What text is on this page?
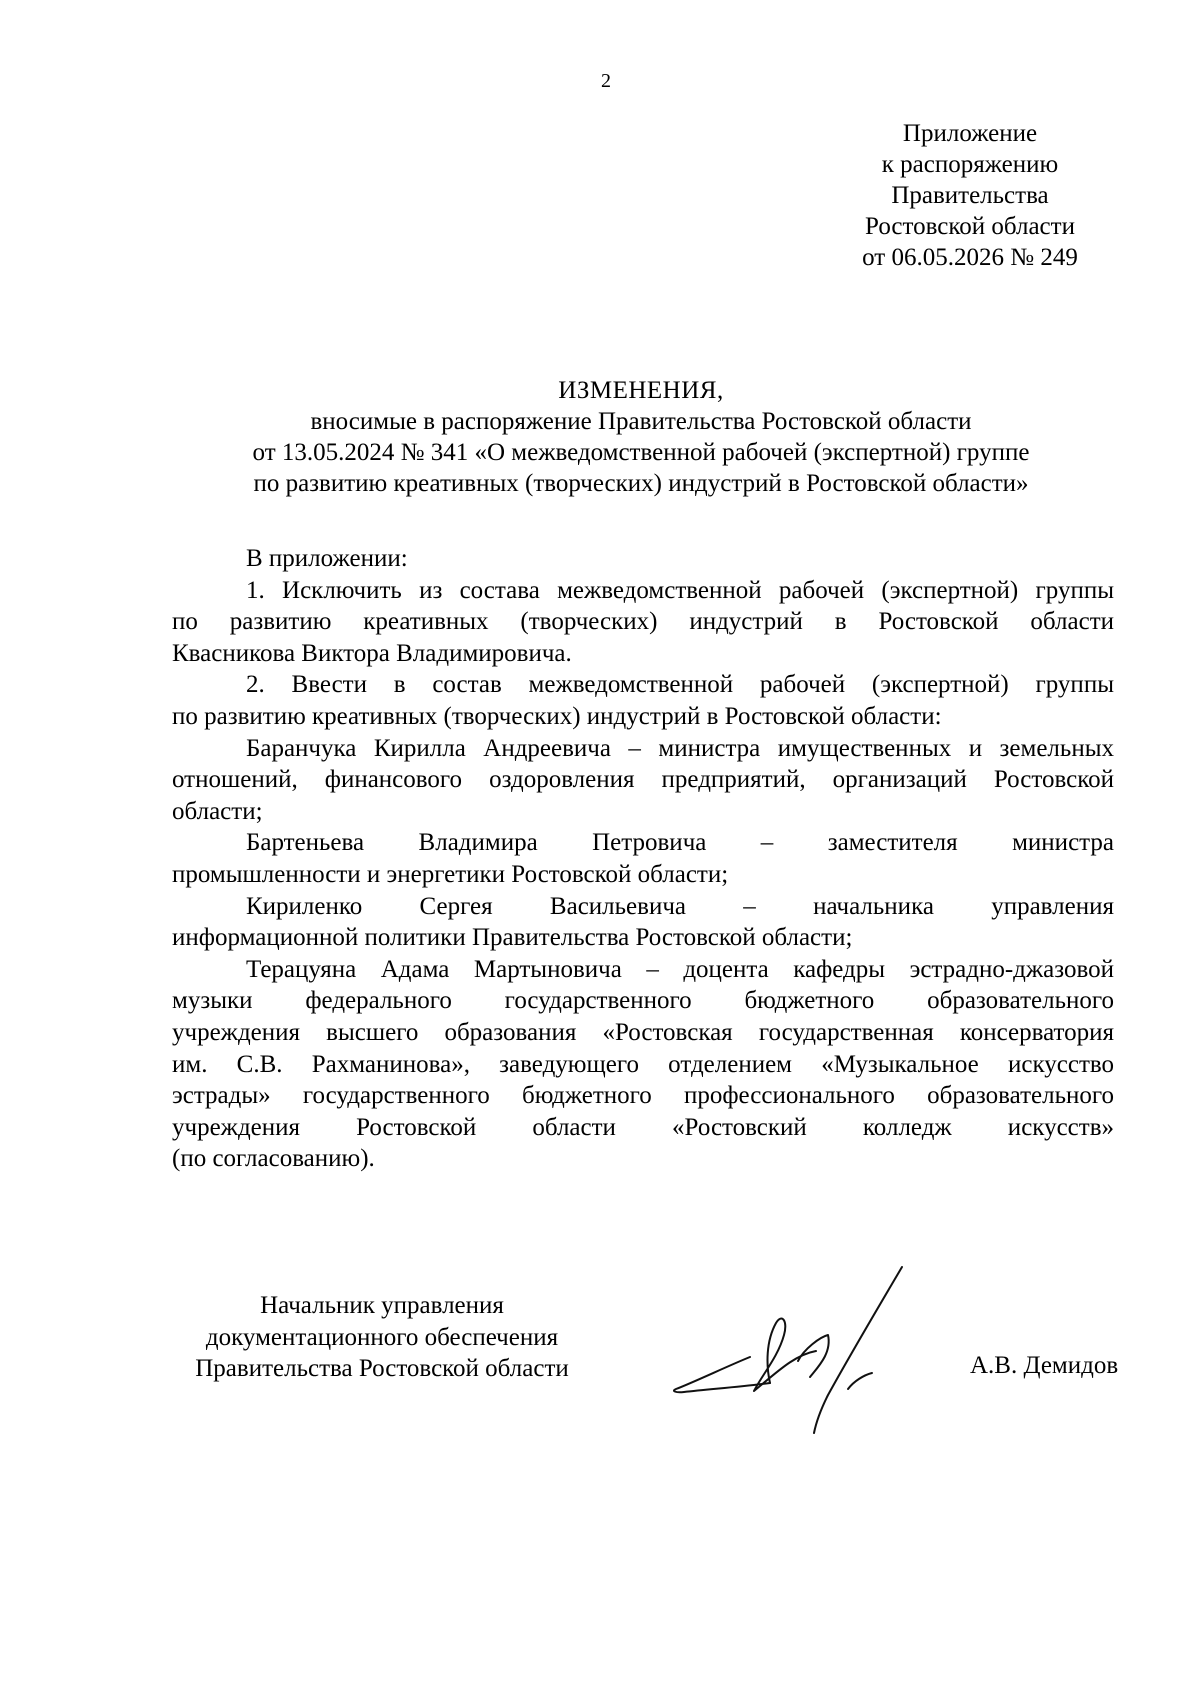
2
Приложение
к распоряжению
Правительства
Ростовской области
от 06.05.2026 № 249
ИЗМЕНЕНИЯ,
вносимые в распоряжение Правительства Ростовской области
от 13.05.2024 № 341 «О межведомственной рабочей (экспертной) группе
по развитию креативных (творческих) индустрий в Ростовской области»
В приложении:
1. Исключить из состава межведомственной рабочей (экспертной) группы
по развитию креативных (творческих) индустрий в Ростовской области
Квасникова Виктора Владимировича.
2. Ввести в состав межведомственной рабочей (экспертной) группы
по развитию креативных (творческих) индустрий в Ростовской области:
Баранчука Кирилла Андреевича – министра имущественных и земельных
отношений, финансового оздоровления предприятий, организаций Ростовской
области;
Бартеньева Владимира Петровича – заместителя министра
промышленности и энергетики Ростовской области;
Кириленко Сергея Васильевича – начальника управления
информационной политики Правительства Ростовской области;
Терацуяна Адама Мартыновича – доцента кафедры эстрадно-джазовой
музыки федерального государственного бюджетного образовательного
учреждения высшего образования «Ростовская государственная консерватория
им. С.В. Рахманинова», заведующего отделением «Музыкальное искусство
эстрады» государственного бюджетного профессионального образовательного
учреждения Ростовской области «Ростовский колледж искусств»
(по согласованию).
Начальник управления
документационного обеспечения
Правительства Ростовской области	А.В. Демидов
